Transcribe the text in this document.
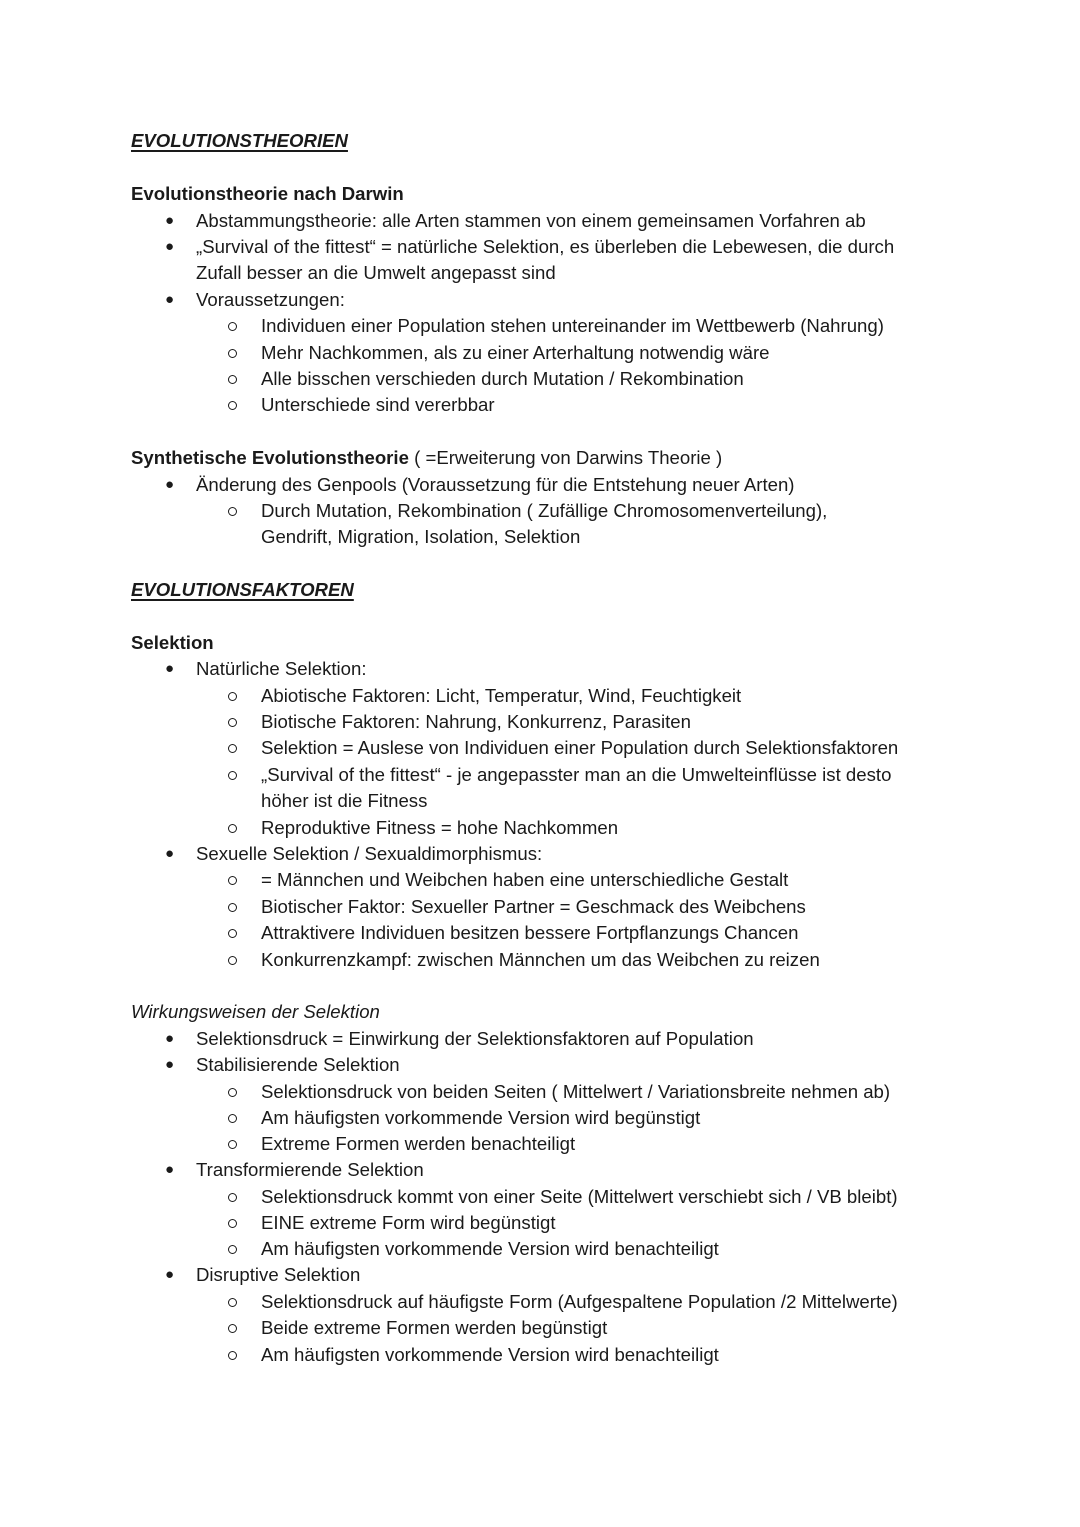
EVOLUTIONSTHEORIEN
Evolutionstheorie nach Darwin
● Abstammungstheorie: alle Arten stammen von einem gemeinsamen Vorfahren ab
● „Survival of the fittest“ = natürliche Selektion, es überleben die Lebewesen, die durch
Zufall besser an die Umwelt angepasst sind
● Voraussetzungen:
Individuen einer Population stehen untereinander im Wettbewerb (Nahrung)
Mehr Nachkommen, als zu einer Arterhaltung notwendig wäre
Alle bisschen verschieden durch Mutation / Rekombination
Unterschiede sind vererbbar
Synthetische Evolutionstheorie ( =Erweiterung von Darwins Theorie )
● Änderung des Genpools (Voraussetzung für die Entstehung neuer Arten)
Durch Mutation, Rekombination ( Zufällige Chromosomenverteilung),
Gendrift, Migration, Isolation, Selektion
EVOLUTIONSFAKTOREN
Selektion
● Natürliche Selektion:
Abiotische Faktoren: Licht, Temperatur, Wind, Feuchtigkeit
Biotische Faktoren: Nahrung, Konkurrenz, Parasiten
Selektion = Auslese von Individuen einer Population durch Selektionsfaktoren
„Survival of the fittest“ - je angepasster man an die Umwelteinflüsse ist desto
höher ist die Fitness
Reproduktive Fitness = hohe Nachkommen
● Sexuelle Selektion / Sexualdimorphismus:
= Männchen und Weibchen haben eine unterschiedliche Gestalt
Biotischer Faktor: Sexueller Partner = Geschmack des Weibchens
Attraktivere Individuen besitzen bessere Fortpflanzungs Chancen
Konkurrenzkampf: zwischen Männchen um das Weibchen zu reizen
Wirkungsweisen der Selektion
● Selektionsdruck = Einwirkung der Selektionsfaktoren auf Population
● Stabilisierende Selektion
Selektionsdruck von beiden Seiten ( Mittelwert / Variationsbreite nehmen ab)
Am häufigsten vorkommende Version wird begünstigt
Extreme Formen werden benachteiligt
● Transformierende Selektion
Selektionsdruck kommt von einer Seite (Mittelwert verschiebt sich / VB bleibt)
EINE extreme Form wird begünstigt
Am häufigsten vorkommende Version wird benachteiligt
● Disruptive Selektion
Selektionsdruck auf häufigste Form (Aufgespaltene Population /2 Mittelwerte)
Beide extreme Formen werden begünstigt
Am häufigsten vorkommende Version wird benachteiligt
